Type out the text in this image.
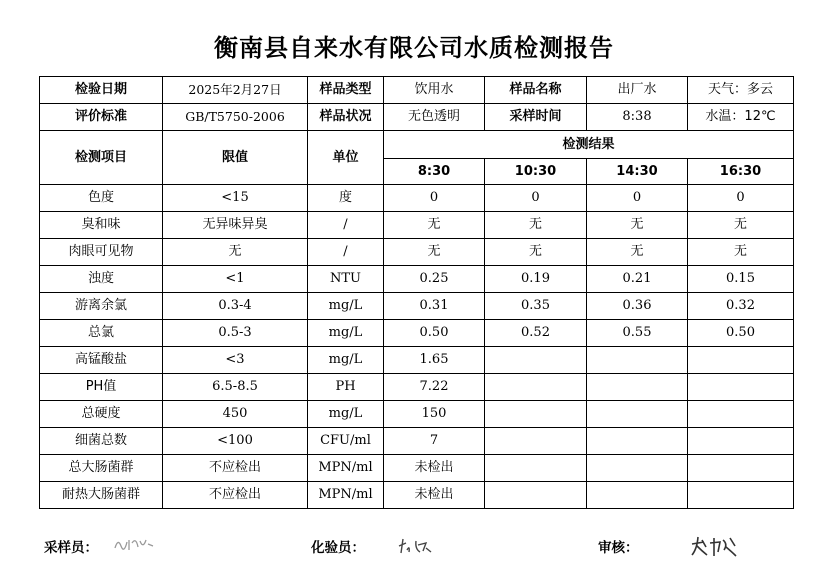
衡南县自来水有限公司水质检测报告
检验日期	2025年2月27日	样品类型	饮用水	样品名称	出厂水	天气：多云
评价标准	GB/T5750-2006	样品状况	无色透明	采样时间	8:38	水温：12℃
检测项目	限值	单位	检测结果			
			8:30	10:30	14:30	16:30
色度	<15	度	0	0	0	0
臭和味	无异味异臭	/	无	无	无	无
肉眼可见物	无	/	无	无	无	无
浊度	<1	NTU	0.25	0.19	0.21	0.15
游离余氯	0.3-4	mg/L	0.31	0.35	0.36	0.32
总氯	0.5-3	mg/L	0.50	0.52	0.55	0.50
高锰酸盐	<3	mg/L	1.65			
PH值	6.5-8.5	PH	7.22			
总硬度	450	mg/L	150			
细菌总数	<100	CFU/ml	7			
总大肠菌群	不应检出	MPN/ml	未检出			
耐热大肠菌群	不应检出	MPN/ml	未检出			
采样员：	化验员：	审核：
